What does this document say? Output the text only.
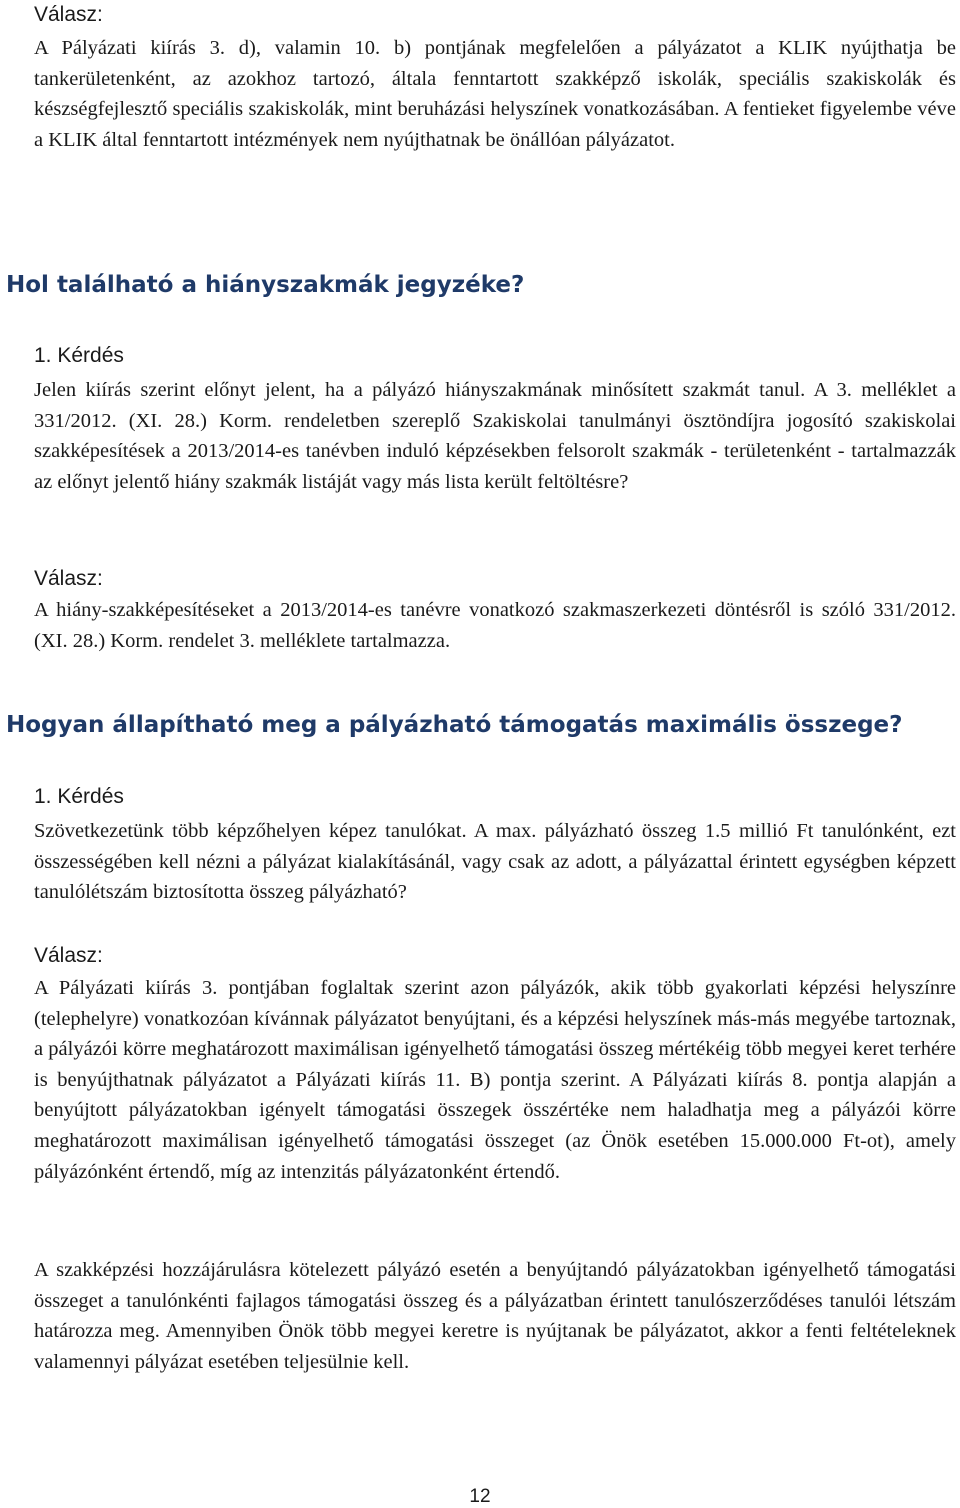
Válasz:

A Pályázati kiírás 3. d), valamin 10. b) pontjának megfelelően a pályázatot a KLIK nyújthatja be tankerületenként, az azokhoz tartozó, általa fenntartott szakképző iskolák, speciális szakiskolák és készségfejlesztő speciális szakiskolák, mint beruházási helyszínek vonatkozásában. A fentieket figyelembe véve a KLIK által fenntartott intézmények nem nyújthatnak be önállóan pályázatot.

Hol található a hiányszakmák jegyzéke?

1. Kérdés

Jelen kiírás szerint előnyt jelent, ha a pályázó hiányszakmának minősített szakmát tanul. A 3. melléklet a 331/2012. (XI. 28.) Korm. rendeletben szereplő Szakiskolai tanulmányi ösztöndíjra jogosító szakiskolai szakképesítések a 2013/2014-es tanévben induló képzésekben felsorolt szakmák - területenként - tartalmazzák az előnyt jelentő hiány szakmák listáját vagy más lista került feltöltésre?

Válasz:

A hiány-szakképesítéseket a 2013/2014-es tanévre vonatkozó szakmaszerkezeti döntésről is szóló 331/2012. (XI. 28.) Korm. rendelet 3. melléklete tartalmazza.

Hogyan állapítható meg a pályázható támogatás maximális összege?

1. Kérdés

Szövetkezetünk több képzőhelyen képez tanulókat. A max. pályázható összeg 1.5 millió Ft tanulónként, ezt összességében kell nézni a pályázat kialakításánál, vagy csak az adott, a pályázattal érintett egységben képzett tanulólétszám biztosította összeg pályázható?

Válasz:

A Pályázati kiírás 3. pontjában foglaltak szerint azon pályázók, akik több gyakorlati képzési helyszínre (telephelyre) vonatkozóan kívánnak pályázatot benyújtani, és a képzési helyszínek más-más megyébe tartoznak, a pályázói körre meghatározott maximálisan igényelhető támogatási összeg mértékéig több megyei keret terhére is benyújthatnak pályázatot a Pályázati kiírás 11. B) pontja szerint. A Pályázati kiírás 8. pontja alapján a benyújtott pályázatokban igényelt támogatási összegek összértéke nem haladhatja meg a pályázói körre meghatározott maximálisan igényelhető támogatási összeget (az Önök esetében 15.000.000 Ft-ot), amely pályázónként értendő, míg az intenzitás pályázatonként értendő.

A szakképzési hozzájárulásra kötelezett pályázó esetén a benyújtandó pályázatokban igényelhető támogatási összeget a tanulónkénti fajlagos támogatási összeg és a pályázatban érintett tanulószerződéses tanulói létszám határozza meg. Amennyiben Önök több megyei keretre is nyújtanak be pályázatot, akkor a fenti feltételeknek valamennyi pályázat esetében teljesülnie kell.

12
